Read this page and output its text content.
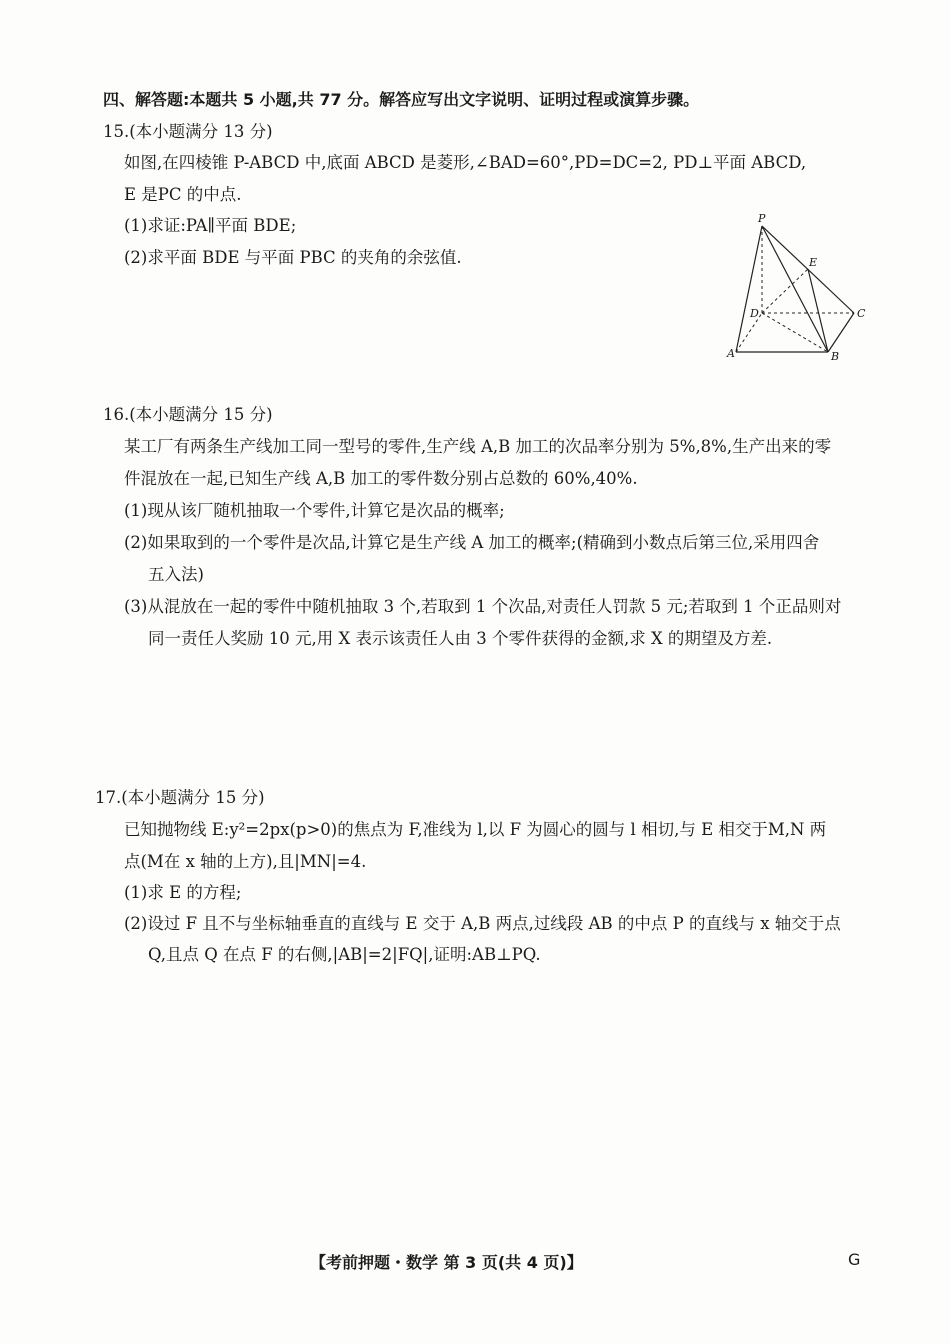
四、解答题:本题共 5 小题,共 77 分。解答应写出文字说明、证明过程或演算步骤。
15.(本小题满分 13 分)
如图,在四棱锥 P-ABCD 中,底面 ABCD 是菱形,∠BAD=60°,PD=DC=2, PD⊥平面 ABCD,
E 是PC 的中点.
(1)求证:PA∥平面 BDE;
(2)求平面 BDE 与平面 PBC 的夹角的余弦值.
P
E
D	C
A	B
16.(本小题满分 15 分)
某工厂有两条生产线加工同一型号的零件,生产线 A,B 加工的次品率分别为 5%,8%,生产出来的零
件混放在一起,已知生产线 A,B 加工的零件数分别占总数的 60%,40%.
(1)现从该厂随机抽取一个零件,计算它是次品的概率;
(2)如果取到的一个零件是次品,计算它是生产线 A 加工的概率;(精确到小数点后第三位,采用四舍
五入法)
(3)从混放在一起的零件中随机抽取 3 个,若取到 1 个次品,对责任人罚款 5 元;若取到 1 个正品则对
同一责任人奖励 10 元,用 X 表示该责任人由 3 个零件获得的金额,求 X 的期望及方差.
17.(本小题满分 15 分)
已知抛物线 E:y²=2px(p>0)的焦点为 F,准线为 l,以 F 为圆心的圆与 l 相切,与 E 相交于M,N 两
点(M在 x 轴的上方),且|MN|=4.
(1)求 E 的方程;
(2)设过 F 且不与坐标轴垂直的直线与 E 交于 A,B 两点,过线段 AB 的中点 P 的直线与 x 轴交于点
Q,且点 Q 在点 F 的右侧,|AB|=2|FQ|,证明:AB⊥PQ.
【考前押题・数学 第 3 页(共 4 页)】	G
